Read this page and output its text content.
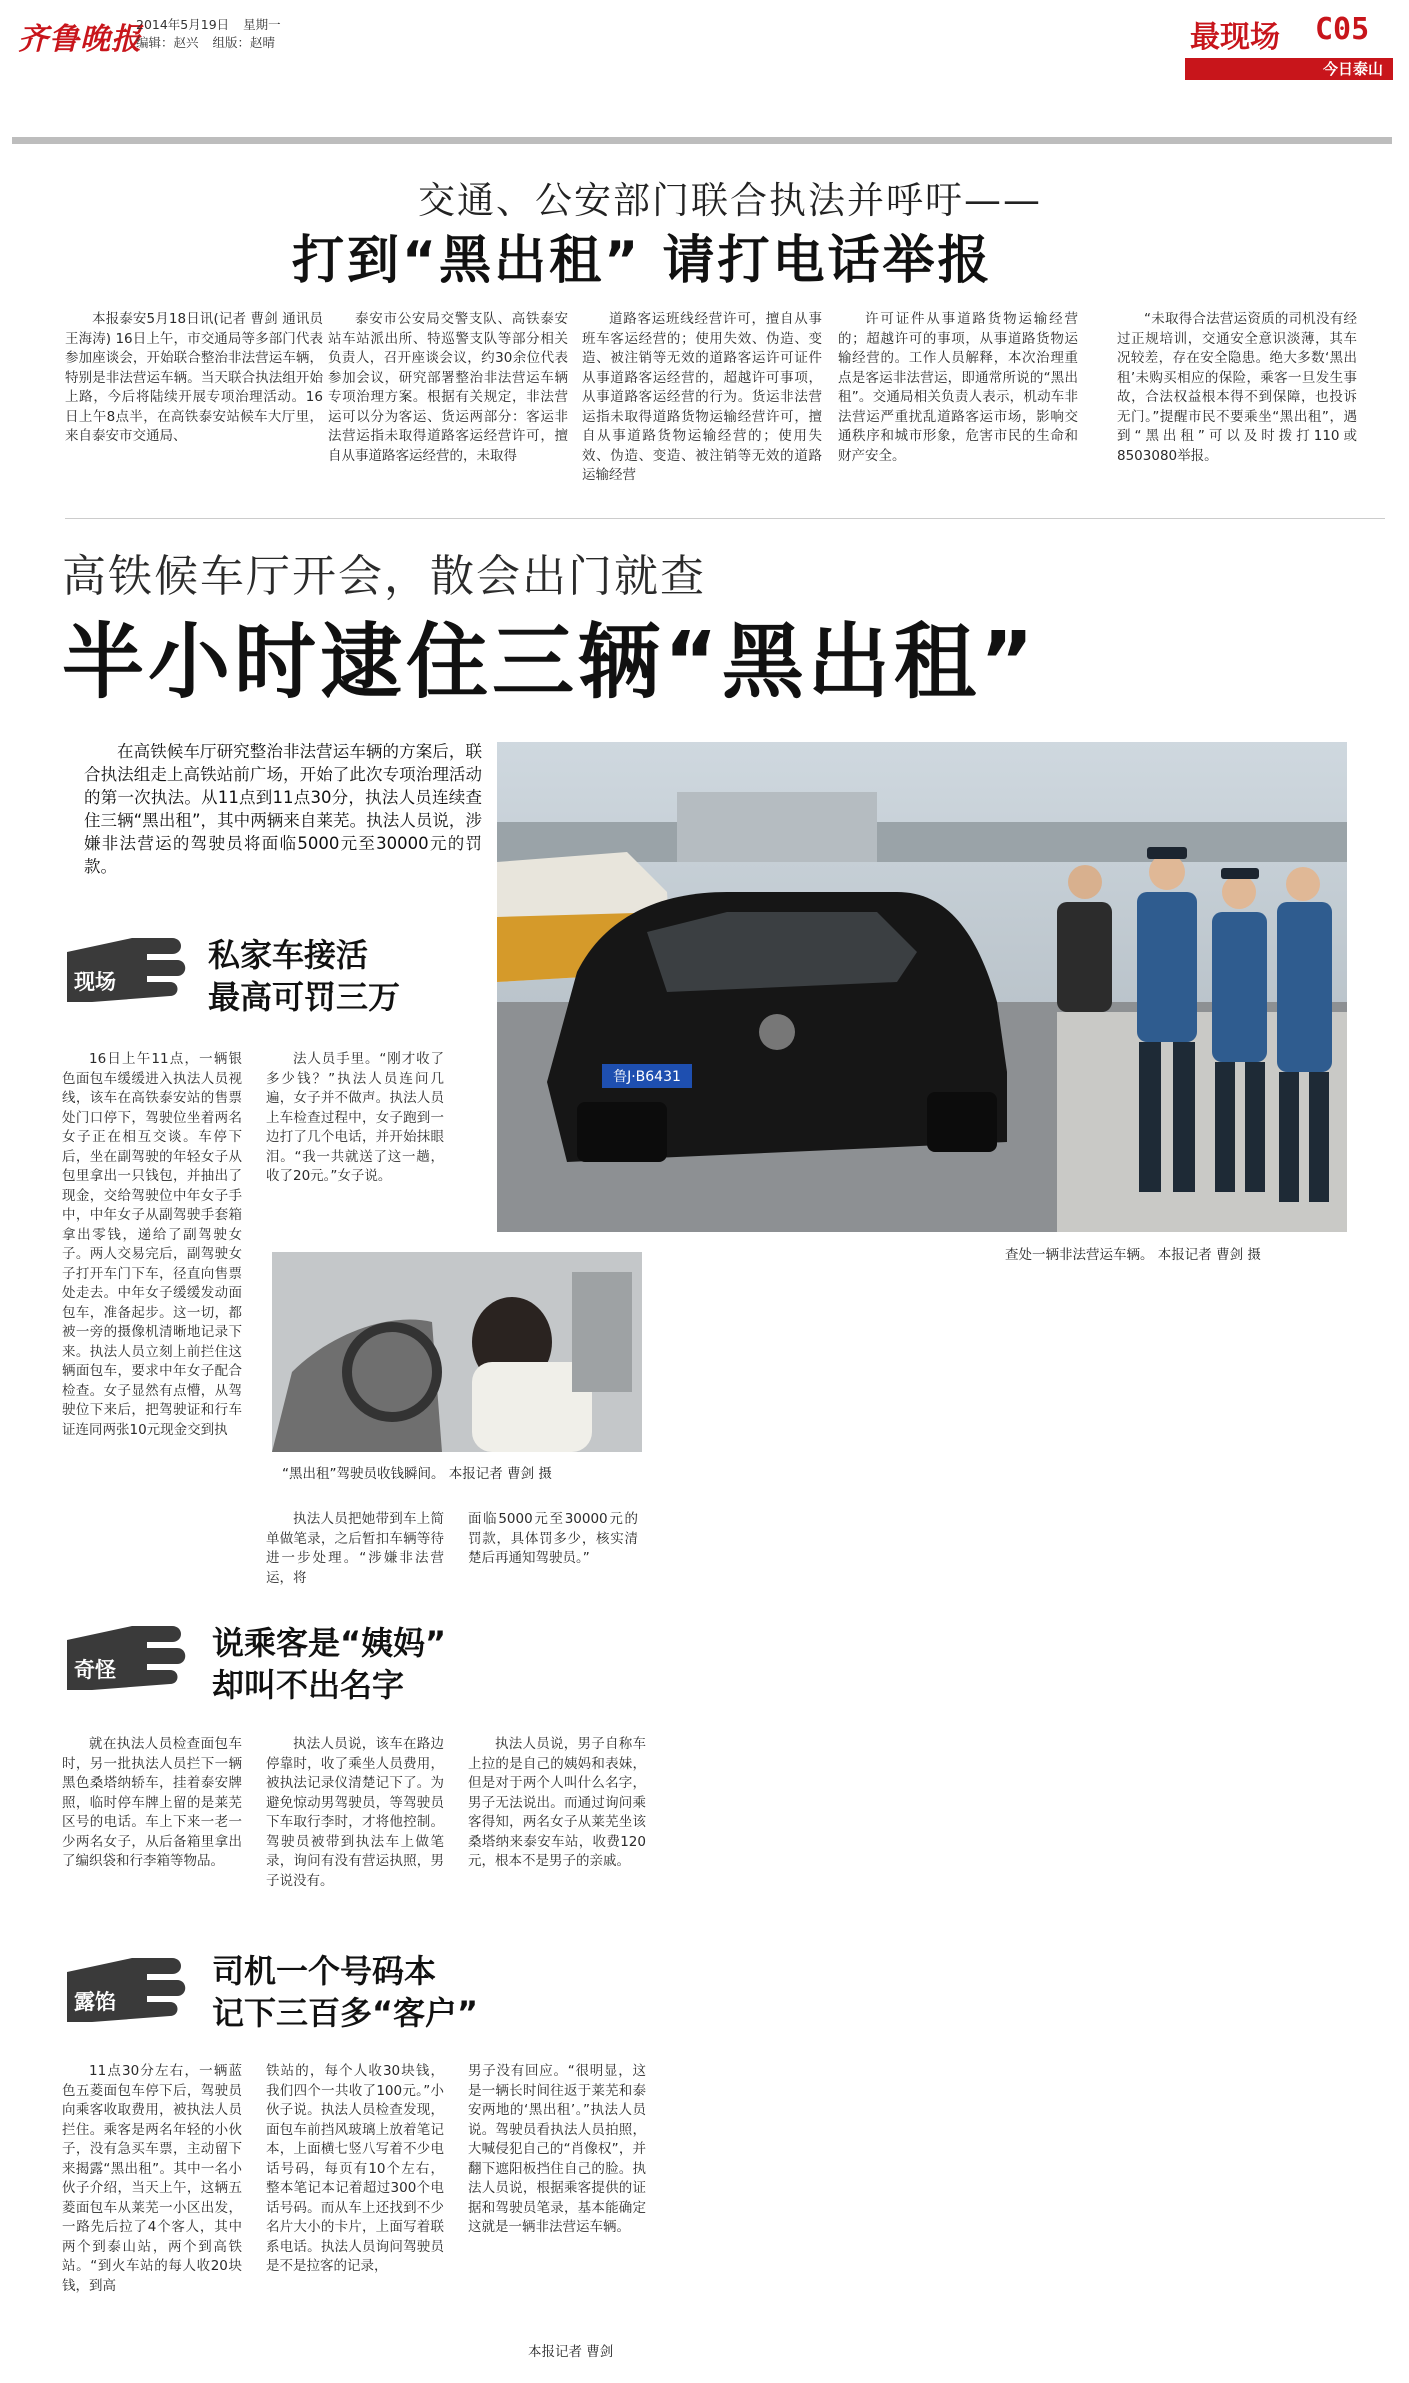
齐鲁晚报
2014年5月19日 星期一
编辑：赵兴 组版：赵晴	最现场 C05
今日泰山
交通、公安部门联合执法并呼吁——
打到“黑出租” 请打电话举报

本报泰安5月18日讯(记者 曹剑 通讯员 王海涛) 16日上午，市交通局等多部门代表参加座谈会，开始联合整治非法营运车辆，特别是非法营运车辆。当天联合执法组开始上路，今后将陆续开展专项治理活动。16日上午8点半，在高铁泰安站候车大厅里，来自泰安市交通局、

泰安市公安局交警支队、高铁泰安站车站派出所、特巡警支队等部分相关负责人，召开座谈会议，约30余位代表参加会议，研究部署整治非法营运车辆专项治理方案。根据有关规定，非法营运可以分为客运、货运两部分：客运非法营运指未取得道路客运经营许可，擅自从事道路客运经营的，未取得

道路客运班线经营许可，擅自从事班车客运经营的；使用失效、伪造、变造、被注销等无效的道路客运许可证件从事道路客运经营的，超越许可事项，从事道路客运经营的行为。货运非法营运指未取得道路货物运输经营许可，擅自从事道路货物运输经营的；使用失效、伪造、变造、被注销等无效的道路运输经营

许可证件从事道路货物运输经营的；超越许可的事项，从事道路货物运输经营的。工作人员解释，本次治理重点是客运非法营运，即通常所说的“黑出租”。交通局相关负责人表示，机动车非法营运严重扰乱道路客运市场，影响交通秩序和城市形象，危害市民的生命和财产安全。

“未取得合法营运资质的司机没有经过正规培训，交通安全意识淡薄，其车况较差，存在安全隐患。绝大多数‘黑出租’未购买相应的保险，乘客一旦发生事故，合法权益根本得不到保障，也投诉无门。”提醒市民不要乘坐“黑出租”，遇到“黑出租”可以及时拨打110或8503080举报。

高铁候车厅开会，散会出门就查
半小时逮住三辆“黑出租”

在高铁候车厅研究整治非法营运车辆的方案后，联合执法组走上高铁站前广场，开始了此次专项治理活动的第一次执法。从11点到11点30分，执法人员连续查住三辆“黑出租”，其中两辆来自莱芜。执法人员说，涉嫌非法营运的驾驶员将面临5000元至30000元的罚款。

鲁J·B6431
查处一辆非法营运车辆。 本报记者 曹剑 摄
现场
私家车接活
最高可罚三万

16日上午11点，一辆银色面包车缓缓进入执法人员视线，该车在高铁泰安站的售票处门口停下，驾驶位坐着两名女子正在相互交谈。车停下后，坐在副驾驶的年轻女子从包里拿出一只钱包，并抽出了现金，交给驾驶位中年女子手中，中年女子从副驾驶手套箱拿出零钱，递给了副驾驶女子。两人交易完后，副驾驶女子打开车门下车，径直向售票处走去。中年女子缓缓发动面包车，准备起步。这一切，都被一旁的摄像机清晰地记录下来。执法人员立刻上前拦住这辆面包车，要求中年女子配合检查。女子显然有点懵，从驾驶位下来后，把驾驶证和行车证连同两张10元现金交到执

法人员手里。“刚才收了多少钱？”执法人员连问几遍，女子并不做声。执法人员上车检查过程中，女子跑到一边打了几个电话，并开始抹眼泪。“我一共就送了这一趟，收了20元。”女子说。

“黑出租”驾驶员收钱瞬间。 本报记者 曹剑 摄

执法人员把她带到车上简单做笔录，之后暂扣车辆等待进一步处理。“涉嫌非法营运，将

面临5000元至30000元的罚款，具体罚多少，核实清楚后再通知驾驶员。”

奇怪
说乘客是“姨妈”
却叫不出名字

就在执法人员检查面包车时，另一批执法人员拦下一辆黑色桑塔纳轿车，挂着泰安牌照，临时停车牌上留的是莱芜区号的电话。车上下来一老一少两名女子，从后备箱里拿出了编织袋和行李箱等物品。

执法人员说，该车在路边停靠时，收了乘坐人员费用，被执法记录仪清楚记下了。为避免惊动男驾驶员，等驾驶员下车取行李时，才将他控制。驾驶员被带到执法车上做笔录，询问有没有营运执照，男子说没有。

执法人员说，男子自称车上拉的是自己的姨妈和表妹，但是对于两个人叫什么名字，男子无法说出。而通过询问乘客得知，两名女子从莱芜坐该桑塔纳来泰安车站，收费120元，根本不是男子的亲戚。

露馅
司机一个号码本
记下三百多“客户”

11点30分左右，一辆蓝色五菱面包车停下后，驾驶员向乘客收取费用，被执法人员拦住。乘客是两名年轻的小伙子，没有急买车票，主动留下来揭露“黑出租”。其中一名小伙子介绍，当天上午，这辆五菱面包车从莱芜一小区出发，一路先后拉了4个客人，其中两个到泰山站，两个到高铁站。“到火车站的每人收20块钱，到高

铁站的，每个人收30块钱，我们四个一共收了100元。”小伙子说。执法人员检查发现，面包车前挡风玻璃上放着笔记本，上面横七竖八写着不少电话号码，每页有10个左右，整本笔记本记着超过300个电话号码。而从车上还找到不少名片大小的卡片，上面写着联系电话。执法人员询问驾驶员是不是拉客的记录，

男子没有回应。“很明显，这是一辆长时间往返于莱芜和泰安两地的‘黑出租’。”执法人员说。驾驶员看执法人员拍照，大喊侵犯自己的“肖像权”，并翻下遮阳板挡住自己的脸。执法人员说，根据乘客提供的证据和驾驶员笔录，基本能确定这就是一辆非法营运车辆。

本报记者 曹剑
